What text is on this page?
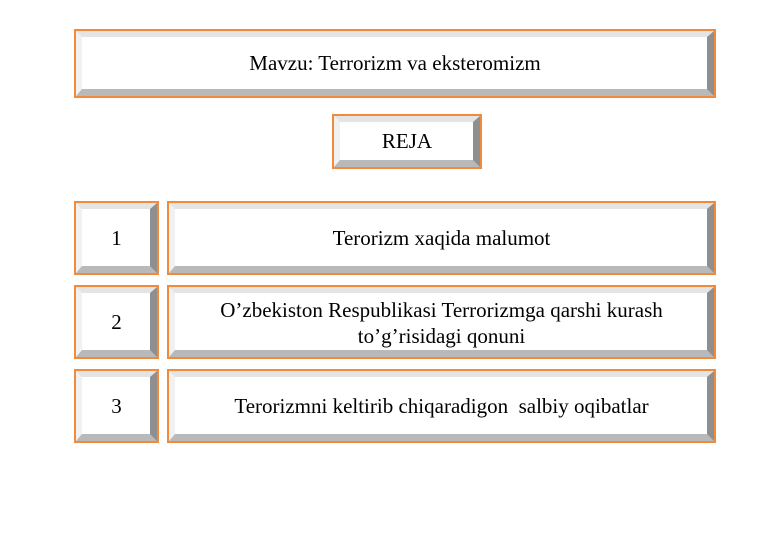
Mavzu: Terrorizm va eksteromizm
REJA
1	Terorizm xaqida malumot
2	O’zbekiston Respublikasi Terrorizmga qarshi kurash to’g’risidagi qonuni
3	Terorizmni keltirib chiqaradigon  salbiy oqibatlar
